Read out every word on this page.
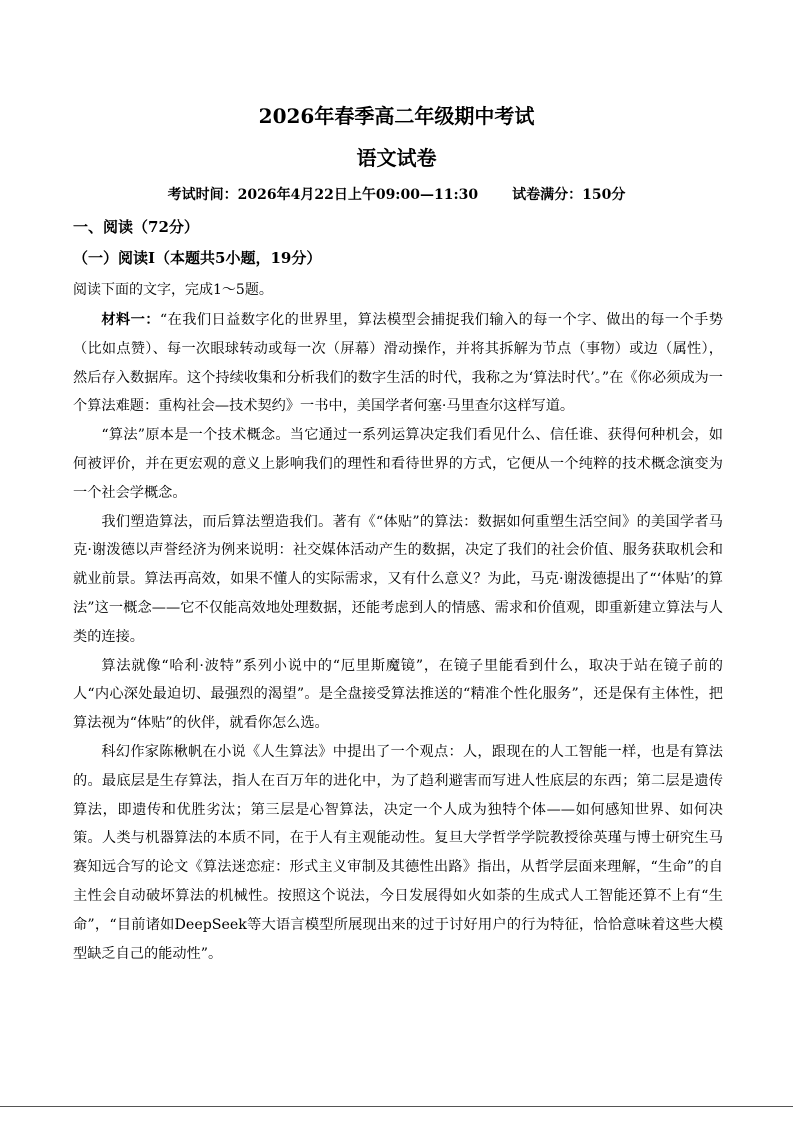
2026年春季高二年级期中考试
语文试卷
考试时间：2026年4月22日上午09:00—11:30 试卷满分：150分
一、阅读（72分）
（一）阅读Ⅰ（本题共5小题，19分）
阅读下面的文字，完成1～5题。

材料一：“在我们日益数字化的世界里，算法模型会捕捉我们输入的每一个字、做出的每一个手势（比如点赞）、每一次眼球转动或每一次（屏幕）滑动操作，并将其拆解为节点（事物）或边（属性），然后存入数据库。这个持续收集和分析我们的数字生活的时代，我称之为‘算法时代’。”在《你必须成为一个算法难题：重构社会—技术契约》一书中，美国学者何塞·马里查尔这样写道。

“算法”原本是一个技术概念。当它通过一系列运算决定我们看见什么、信任谁、获得何种机会，如何被评价，并在更宏观的意义上影响我们的理性和看待世界的方式，它便从一个纯粹的技术概念演变为一个社会学概念。

我们塑造算法，而后算法塑造我们。著有《“体贴”的算法：数据如何重塑生活空间》的美国学者马克·谢泼德以声誉经济为例来说明：社交媒体活动产生的数据，决定了我们的社会价值、服务获取机会和就业前景。算法再高效，如果不懂人的实际需求，又有什么意义？为此，马克·谢泼德提出了“‘体贴’的算法”这一概念——它不仅能高效地处理数据，还能考虑到人的情感、需求和价值观，即重新建立算法与人类的连接。

算法就像“哈利·波特”系列小说中的“厄里斯魔镜”，在镜子里能看到什么，取决于站在镜子前的人“内心深处最迫切、最强烈的渴望”。是全盘接受算法推送的“精准个性化服务”，还是保有主体性，把算法视为“体贴”的伙伴，就看你怎么选。

科幻作家陈楸帆在小说《人生算法》中提出了一个观点：人，跟现在的人工智能一样，也是有算法的。最底层是生存算法，指人在百万年的进化中，为了趋利避害而写进人性底层的东西；第二层是遗传算法，即遗传和优胜劣汰；第三层是心智算法，决定一个人成为独特个体——如何感知世界、如何决策。人类与机器算法的本质不同，在于人有主观能动性。复旦大学哲学学院教授徐英瑾与博士研究生马赛知远合写的论文《算法迷恋症：形式主义审制及其德性出路》指出，从哲学层面来理解，“生命”的自主性会自动破坏算法的机械性。按照这个说法，今日发展得如火如荼的生成式人工智能还算不上有“生命”，“目前诸如DeepSeek等大语言模型所展现出来的过于讨好用户的行为特征，恰恰意味着这些大模型缺乏自己的能动性”。
